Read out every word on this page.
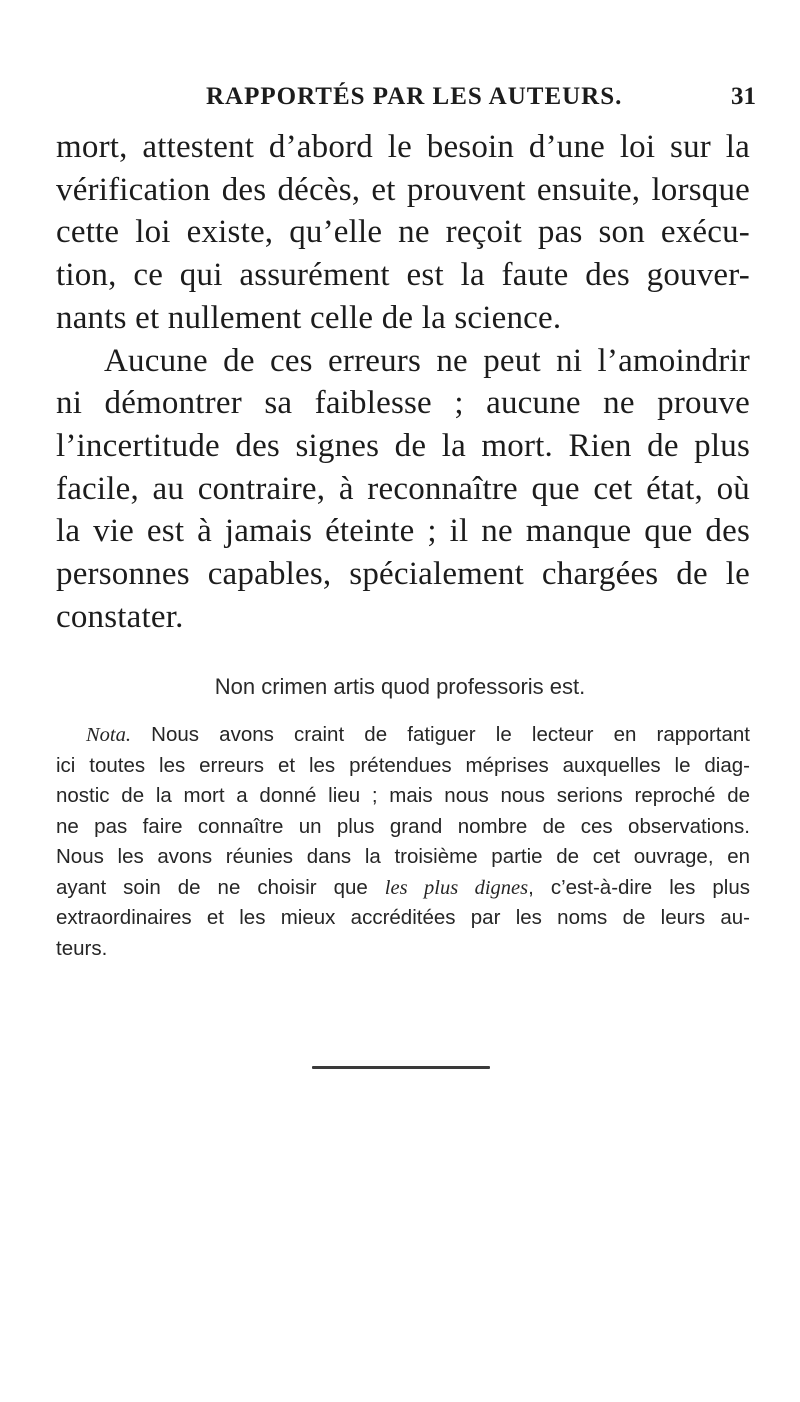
RAPPORTÉS PAR LES AUTEURS.	31
mort, attestent d’abord le besoin d’une loi sur la
vérification des décès, et prouvent ensuite, lorsque
cette loi existe, qu’elle ne reçoit pas son exécu-
tion, ce qui assurément est la faute des gouver-
nants et nullement celle de la science.
Aucune de ces erreurs ne peut ni l’amoindrir
ni démontrer sa faiblesse ; aucune ne prouve
l’incertitude des signes de la mort. Rien de plus
facile, au contraire, à reconnaître que cet état, où
la vie est à jamais éteinte ; il ne manque que des
personnes capables, spécialement chargées de le
constater.
Non crimen artis quod professoris est.
Nota. Nous avons craint de fatiguer le lecteur en rapportant
ici toutes les erreurs et les prétendues méprises auxquelles le diag-
nostic de la mort a donné lieu ; mais nous nous serions reproché de
ne pas faire connaître un plus grand nombre de ces observations.
Nous les avons réunies dans la troisième partie de cet ouvrage, en
ayant soin de ne choisir que les plus dignes, c’est-à-dire les plus
extraordinaires et les mieux accréditées par les noms de leurs au-
teurs.
